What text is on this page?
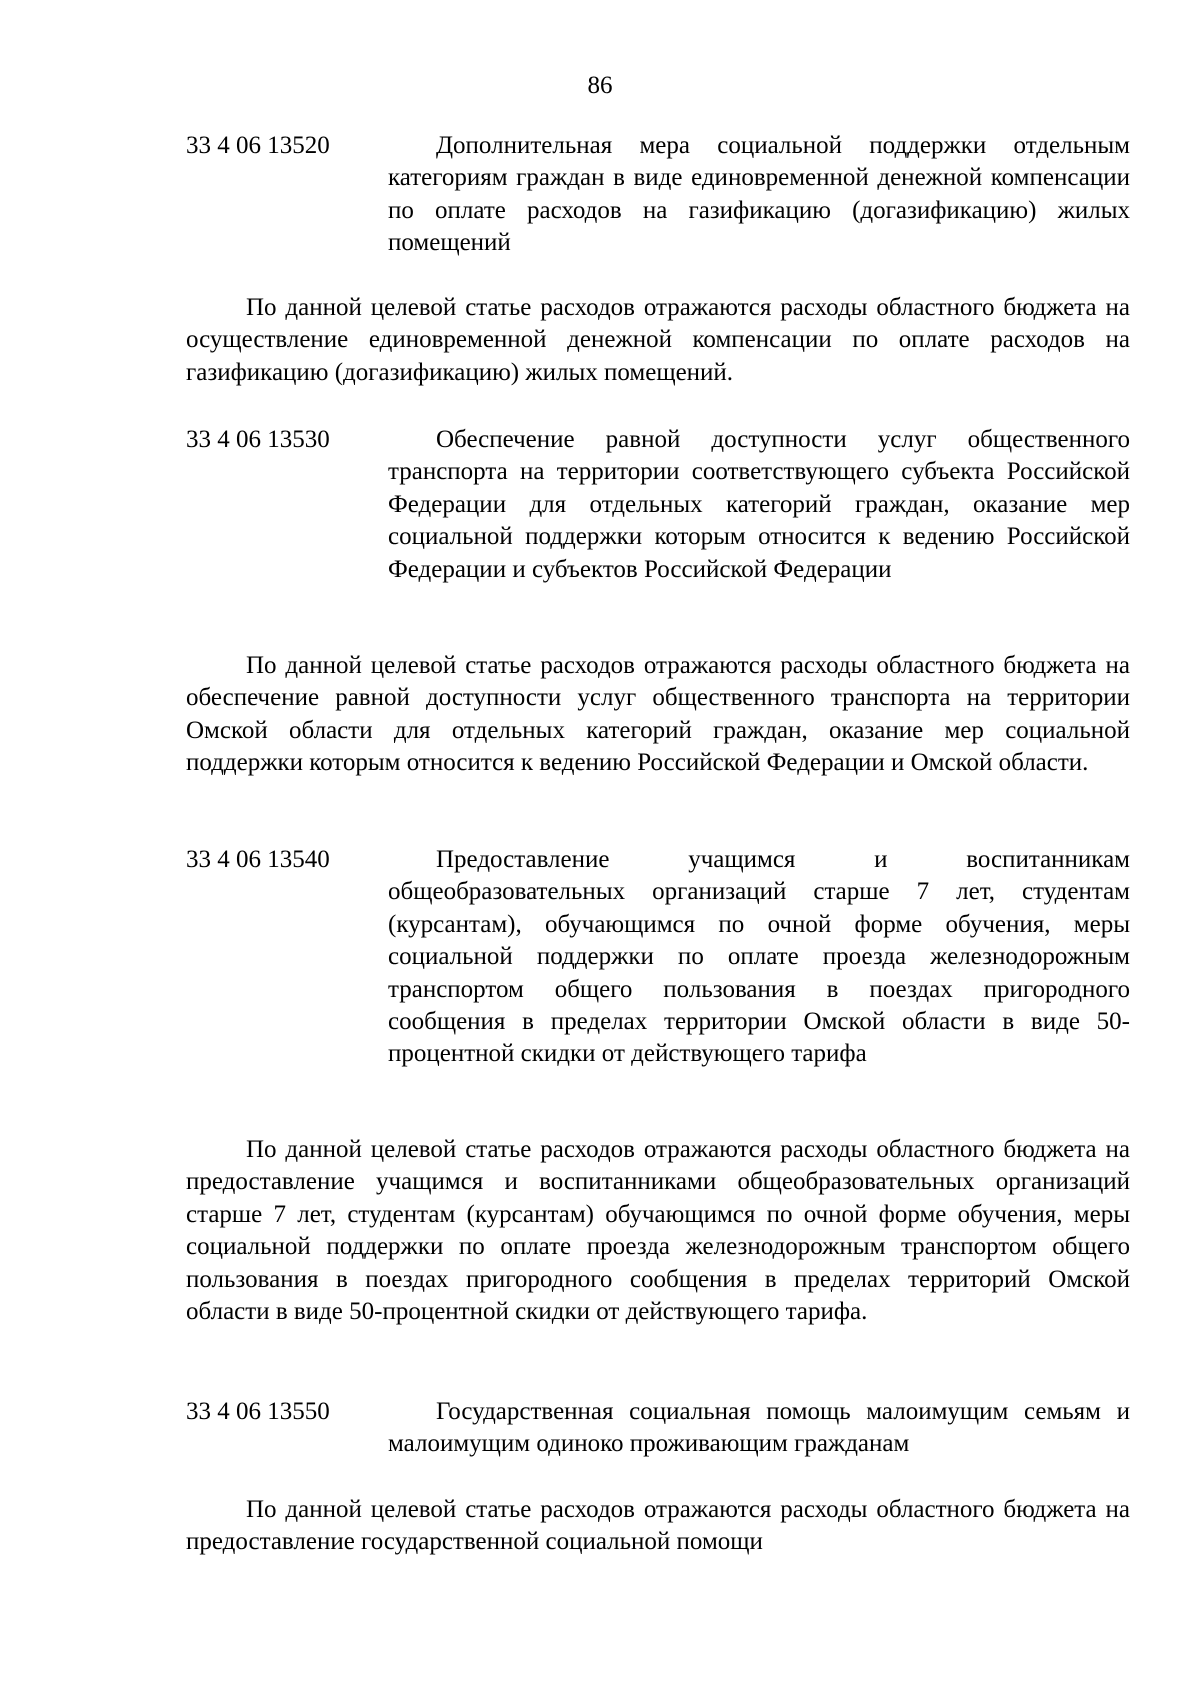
86
33 4 06 13520	Дополнительная мера социальной поддержки отдельным категориям граждан в виде единовременной денежной компенсации по оплате расходов на газификацию (догазификацию) жилых помещений
По данной целевой статье расходов отражаются расходы областного бюджета на осуществление единовременной денежной компенсации по оплате расходов на газификацию (догазификацию) жилых помещений.
33 4 06 13530	Обеспечение равной доступности услуг общественного транспорта на территории соответствующего субъекта Российской Федерации для отдельных категорий граждан, оказание мер социальной поддержки которым относится к ведению Российской Федерации и субъектов Российской Федерации
По данной целевой статье расходов отражаются расходы областного бюджета на обеспечение равной доступности услуг общественного транспорта на территории Омской области для отдельных категорий граждан, оказание мер социальной поддержки которым относится к ведению Российской Федерации и Омской области.
33 4 06 13540	Предоставление учащимся и воспитанникам общеобразовательных организаций старше 7 лет, студентам (курсантам), обучающимся по очной форме обучения, меры социальной поддержки по оплате проезда железнодорожным транспортом общего пользования в поездах пригородного сообщения в пределах территории Омской области в виде 50-процентной скидки от действующего тарифа
По данной целевой статье расходов отражаются расходы областного бюджета на предоставление учащимся и воспитанниками общеобразовательных организаций старше 7 лет, студентам (курсантам) обучающимся по очной форме обучения, меры социальной поддержки по оплате проезда железнодорожным транспортом общего пользования в поездах пригородного сообщения в пределах территорий Омской области в виде 50-процентной скидки от действующего тарифа.
33 4 06 13550	Государственная социальная помощь малоимущим семьям и малоимущим одиноко проживающим гражданам
По данной целевой статье расходов отражаются расходы областного бюджета на предоставление государственной социальной помощи
